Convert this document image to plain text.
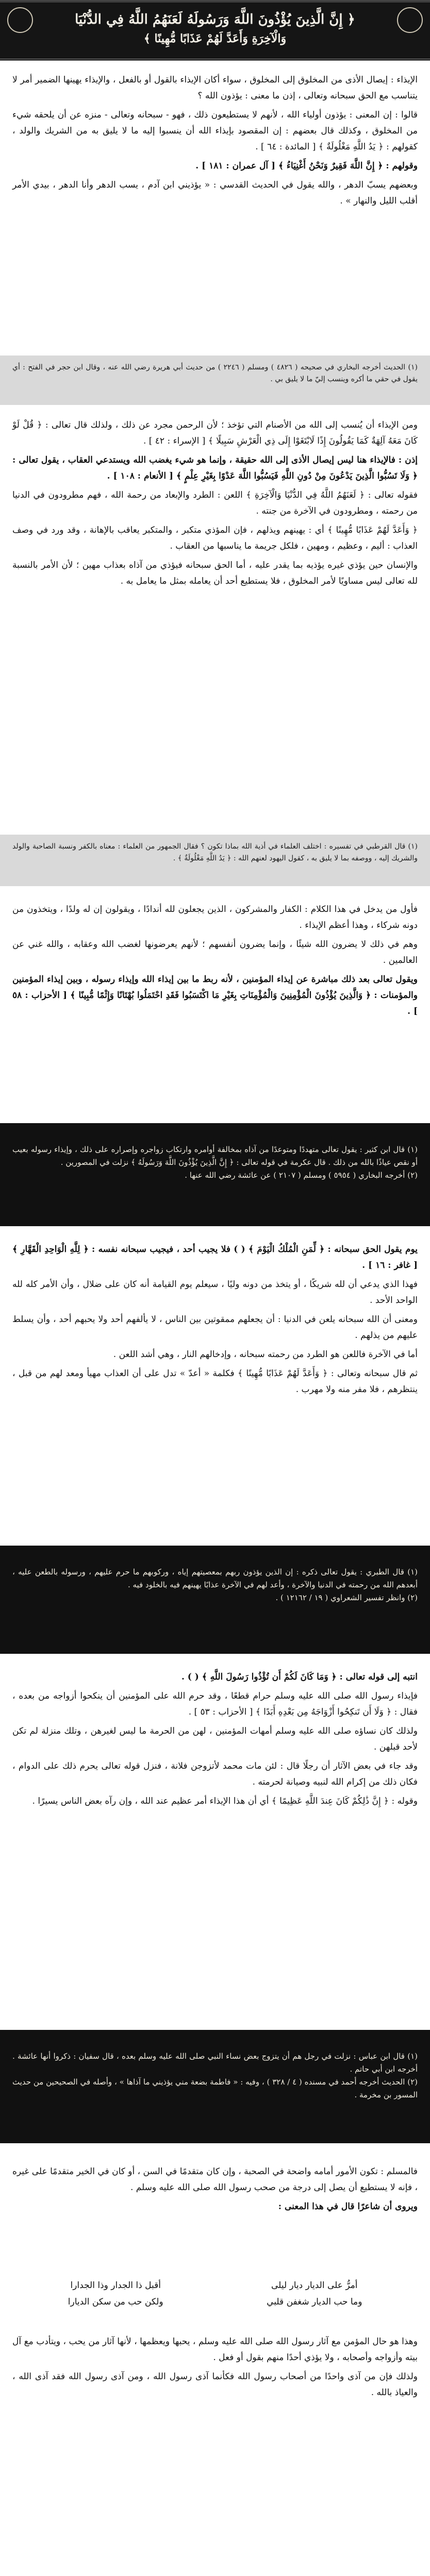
﴿ إِنَّ الَّذِينَ يُؤْذُونَ اللَّهَ وَرَسُولَهُ لَعَنَهُمُ اللَّهُ فِي الدُّنْيَا
وَالْآخِرَةِ وَأَعَدَّ لَهُمْ عَذَابًا مُّهِينًا ﴾

الإيذاء : إيصال الأذى من المخلوق إلى المخلوق ، سواء أكان الإيذاء بالقول أو بالفعل ، والإيذاء يهينها الضمير أمر لا يتناسب مع الحق سبحانه وتعالى ، إذن ما معنى : يؤذون الله ؟

قالوا : إن المعنى : يؤذون أولياء الله ، لأنهم لا يستطيعون ذلك ، فهو - سبحانه وتعالى - منزه عن أن يلحقه شيء من المخلوق ، وكذلك قال بعضهم : إن المقصود بإيذاء الله أن ينسبوا إليه ما لا يليق به من الشريك والولد ، كقولهم : ﴿ يَدُ اللَّهِ مَغْلُولَةٌ ﴾ [ المائدة : ٦٤ ] .

وقولهم : ﴿ إِنَّ اللَّهَ فَقِيرٌ وَنَحْنُ أَغْنِيَاءُ ﴾ [ آل عمران : ١٨١ ] .

وبعضهم يسبّ الدهر ، والله يقول في الحديث القدسي : « يؤذيني ابن آدم ، يسب الدهر وأنا الدهر ، بيدي الأمر أقلب الليل والنهار » .

(١) الحديث أخرجه البخاري في صحيحه ( ٤٨٢٦ ) ومسلم ( ٢٢٤٦ ) من حديث أبي هريرة رضي الله عنه ، وقال ابن حجر في الفتح : أي يقول في حقي ما أكره وينسب إليّ ما لا يليق بي .

ومن الإيذاء أن يُنسب إلى الله من الأصنام التي تؤخذ ؛ لأن الرحمن مجرد عن ذلك ، ولذلك قال تعالى : ﴿ قُلْ لَوْ كَانَ مَعَهُ آلِهَةٌ كَمَا يَقُولُونَ إِذًا لَابْتَغَوْا إِلَى ذِي الْعَرْشِ سَبِيلًا ﴾ [ الإسراء : ٤٢ ] .

إذن : فالإيذاء هنا ليس إيصال الأذى إلى الله حقيقة ، وإنما هو شيء يغضب الله ويستدعي العقاب ، يقول تعالى : ﴿ وَلَا تَسُبُّوا الَّذِينَ يَدْعُونَ مِنْ دُونِ اللَّهِ فَيَسُبُّوا اللَّهَ عَدْوًا بِغَيْرِ عِلْمٍ ﴾ [ الأنعام : ١٠٨ ] .

فقوله تعالى : ﴿ لَعَنَهُمُ اللَّهُ فِي الدُّنْيَا وَالْآخِرَةِ ﴾ اللعن : الطرد والإبعاد من رحمة الله ، فهم مطرودون في الدنيا من رحمته ، ومطرودون في الآخرة من جنته .

﴿ وَأَعَدَّ لَهُمْ عَذَابًا مُّهِينًا ﴾ أي : يهينهم ويذلهم ، فإن المؤذي متكبر ، والمتكبر يعاقب بالإهانة ، وقد ورد في وصف العذاب : أليم ، وعظيم ، ومهين ، فلكل جريمة ما يناسبها من العقاب .

والإنسان حين يؤذي غيره يؤذيه بما يقدر عليه ، أما الحق سبحانه فيؤذي من آذاه بعذاب مهين ؛ لأن الأمر بالنسبة لله تعالى ليس مساويًا لأمر المخلوق ، فلا يستطيع أحد أن يعامله بمثل ما يعامل به .

(١) قال القرطبي في تفسيره : اختلف العلماء في أذية الله بماذا تكون ؟ فقال الجمهور من العلماء : معناه بالكفر ونسبة الصاحبة والولد والشريك إليه ، ووصفه بما لا يليق به ، كقول اليهود لعنهم الله : ﴿ يَدُ اللَّهِ مَغْلُولَةٌ ﴾ .

فأول من يدخل في هذا الكلام : الكفار والمشركون ، الذين يجعلون لله أندادًا ، ويقولون إن له ولدًا ، ويتخذون من دونه شركاء ، وهذا أعظم الإيذاء .

وهم في ذلك لا يضرون الله شيئًا ، وإنما يضرون أنفسهم ؛ لأنهم يعرضونها لغضب الله وعقابه ، والله غني عن العالمين .

ويقول تعالى بعد ذلك مباشرة عن إيذاء المؤمنين ، لأنه ربط ما بين إيذاء الله وإيذاء رسوله ، وبين إيذاء المؤمنين والمؤمنات : ﴿ وَالَّذِينَ يُؤْذُونَ الْمُؤْمِنِينَ وَالْمُؤْمِنَاتِ بِغَيْرِ مَا اكْتَسَبُوا فَقَدِ احْتَمَلُوا بُهْتَانًا وَإِثْمًا مُّبِينًا ﴾ [ الأحزاب : ٥٨ ] .

(١) قال ابن كثير : يقول تعالى متهددًا ومتوعدًا من آذاه بمخالفة أوامره وارتكاب زواجره وإصراره على ذلك ، وإيذاء رسوله بعيب أو نقص عياذًا بالله من ذلك . قال عكرمة في قوله تعالى : ﴿ إِنَّ الَّذِينَ يُؤْذُونَ اللَّهَ وَرَسُولَهُ ﴾ نزلت في المصورين .
(٢) أخرجه البخاري ( ٥٩٥٤ ) ومسلم ( ٢١٠٧ ) عن عائشة رضي الله عنها .

يوم يقول الحق سبحانه : ﴿ لِّمَنِ الْمُلْكُ الْيَوْمَ ﴾ ( ) فلا يجيب أحد ، فيجيب سبحانه نفسه : ﴿ لِلَّهِ الْوَاحِدِ الْقَهَّارِ ﴾ [ غافر : ١٦ ] .

فهذا الذي يدعي أن لله شريكًا ، أو يتخذ من دونه وليًا ، سيعلم يوم القيامة أنه كان على ضلال ، وأن الأمر كله لله الواحد الأحد .

ومعنى أن الله سبحانه يلعن في الدنيا : أن يجعلهم ممقوتين بين الناس ، لا يألفهم أحد ولا يحبهم أحد ، وأن يسلط عليهم من يذلهم .

أما في الآخرة فاللعن هو الطرد من رحمته سبحانه ، وإدخالهم النار ، وهي أشد اللعن .

ثم قال سبحانه وتعالى : ﴿ وَأَعَدَّ لَهُمْ عَذَابًا مُّهِينًا ﴾ فكلمة « أعدّ » تدل على أن العذاب مهيأ ومعد لهم من قبل ، ينتظرهم ، فلا مفر منه ولا مهرب .

(١) قال الطبري : يقول تعالى ذكره : إن الذين يؤذون ربهم بمعصيتهم إياه ، وركوبهم ما حرم عليهم ، ورسوله بالطعن عليه ، أبعدهم الله من رحمته في الدنيا والآخرة ، وأعد لهم في الآخرة عذابًا يهينهم فيه بالخلود فيه .
(٢) وانظر تفسير الشعراوي ( ١٩ / ١٢١٦٢ ) .

انتبه إلى قوله تعالى : ﴿ وَمَا كَانَ لَكُمْ أَن تُؤْذُوا رَسُولَ اللَّهِ ﴾ ( ) .

فإيذاء رسول الله صلى الله عليه وسلم حرام قطعًا ، وقد حرم الله على المؤمنين أن ينكحوا أزواجه من بعده ، فقال : ﴿ وَلَا أَن تَنكِحُوا أَزْوَاجَهُ مِن بَعْدِهِ أَبَدًا ﴾ [ الأحزاب : ٥٣ ] .

ولذلك كان نساؤه صلى الله عليه وسلم أمهات المؤمنين ، لهن من الحرمة ما ليس لغيرهن ، وتلك منزلة لم تكن لأحد قبلهن .

وقد جاء في بعض الآثار أن رجلًا قال : لئن مات محمد لأتزوجن فلانة ، فنزل قوله تعالى يحرم ذلك على الدوام ، فكان ذلك من إكرام الله لنبيه وصيانة لحرمته .

وقوله : ﴿ إِنَّ ذَٰلِكُمْ كَانَ عِندَ اللَّهِ عَظِيمًا ﴾ أي أن هذا الإيذاء أمر عظيم عند الله ، وإن رآه بعض الناس يسيرًا .

(١) قال ابن عباس : نزلت في رجل هم أن يتزوج بعض نساء النبي صلى الله عليه وسلم بعده ، قال سفيان : ذكروا أنها عائشة . أخرجه ابن أبي حاتم .
(٢) الحديث أخرجه أحمد في مسنده ( ٤ / ٣٢٨ ) ، وفيه : « فاطمة بضعة مني يؤذيني ما آذاها » ، وأصله في الصحيحين من حديث المسور بن مخرمة .

فالمسلم : تكون الأمور أمامه واضحة في الصحبة ، وإن كان متقدمًا في السن ، أو كان في الخير متقدمًا على غيره ، فإنه لا يستطيع أن يصل إلى درجة من صحب رسول الله صلى الله عليه وسلم .

ويروى أن شاعرًا قال في هذا المعنى :

أمرُّ على الديار ديار ليلى
أقبل ذا الجدار وذا الجدارا
وما حب الديار شغفن قلبي
ولكن حب من سكن الديارا

وهذا هو حال المؤمن مع آثار رسول الله صلى الله عليه وسلم ، يحبها ويعظمها ، لأنها آثار من يحب ، ويتأدب مع آل بيته وأزواجه وأصحابه ، ولا يؤذي أحدًا منهم بقول أو فعل .

ولذلك فإن من آذى واحدًا من أصحاب رسول الله فكأنما آذى رسول الله ، ومن آذى رسول الله فقد آذى الله ، والعياذ بالله .
